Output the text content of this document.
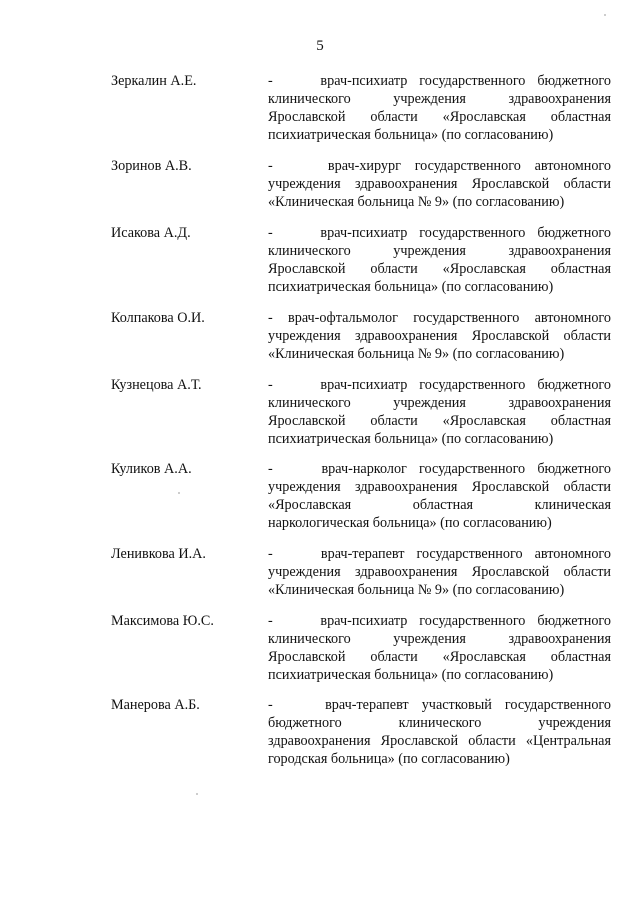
5
Зеркалин А.Е.	-    врач-психиатр государственного бюджетного
клинического учреждения здравоохранения
Ярославской области «Ярославская областная
психиатрическая больница» (по согласованию)
Зоринов А.В.	-    врач-хирург государственного автономного
учреждения здравоохранения Ярославской области
«Клиническая больница № 9» (по согласованию)
Исакова А.Д.	-    врач-психиатр государственного бюджетного
клинического учреждения здравоохранения
Ярославской области «Ярославская областная
психиатрическая больница» (по согласованию)
Колпакова О.И.	- врач-офтальмолог государственного автономного
учреждения здравоохранения Ярославской области
«Клиническая больница № 9» (по согласованию)
Кузнецова А.Т.	-    врач-психиатр государственного бюджетного
клинического учреждения здравоохранения
Ярославской области «Ярославская областная
психиатрическая больница» (по согласованию)
Куликов А.А.	-    врач-нарколог государственного бюджетного
учреждения здравоохранения Ярославской области
«Ярославская областная клиническая
наркологическая больница» (по согласованию)
Ленивкова И.А.	-    врач-терапевт государственного автономного
учреждения здравоохранения Ярославской области
«Клиническая больница № 9» (по согласованию)
Максимова Ю.С.	-    врач-психиатр государственного бюджетного
клинического учреждения здравоохранения
Ярославской области «Ярославская областная
психиатрическая больница» (по согласованию)
Манерова А.Б.	-    врач-терапевт участковый государственного
бюджетного клинического учреждения
здравоохранения Ярославской области «Центральная
городская больница» (по согласованию)
